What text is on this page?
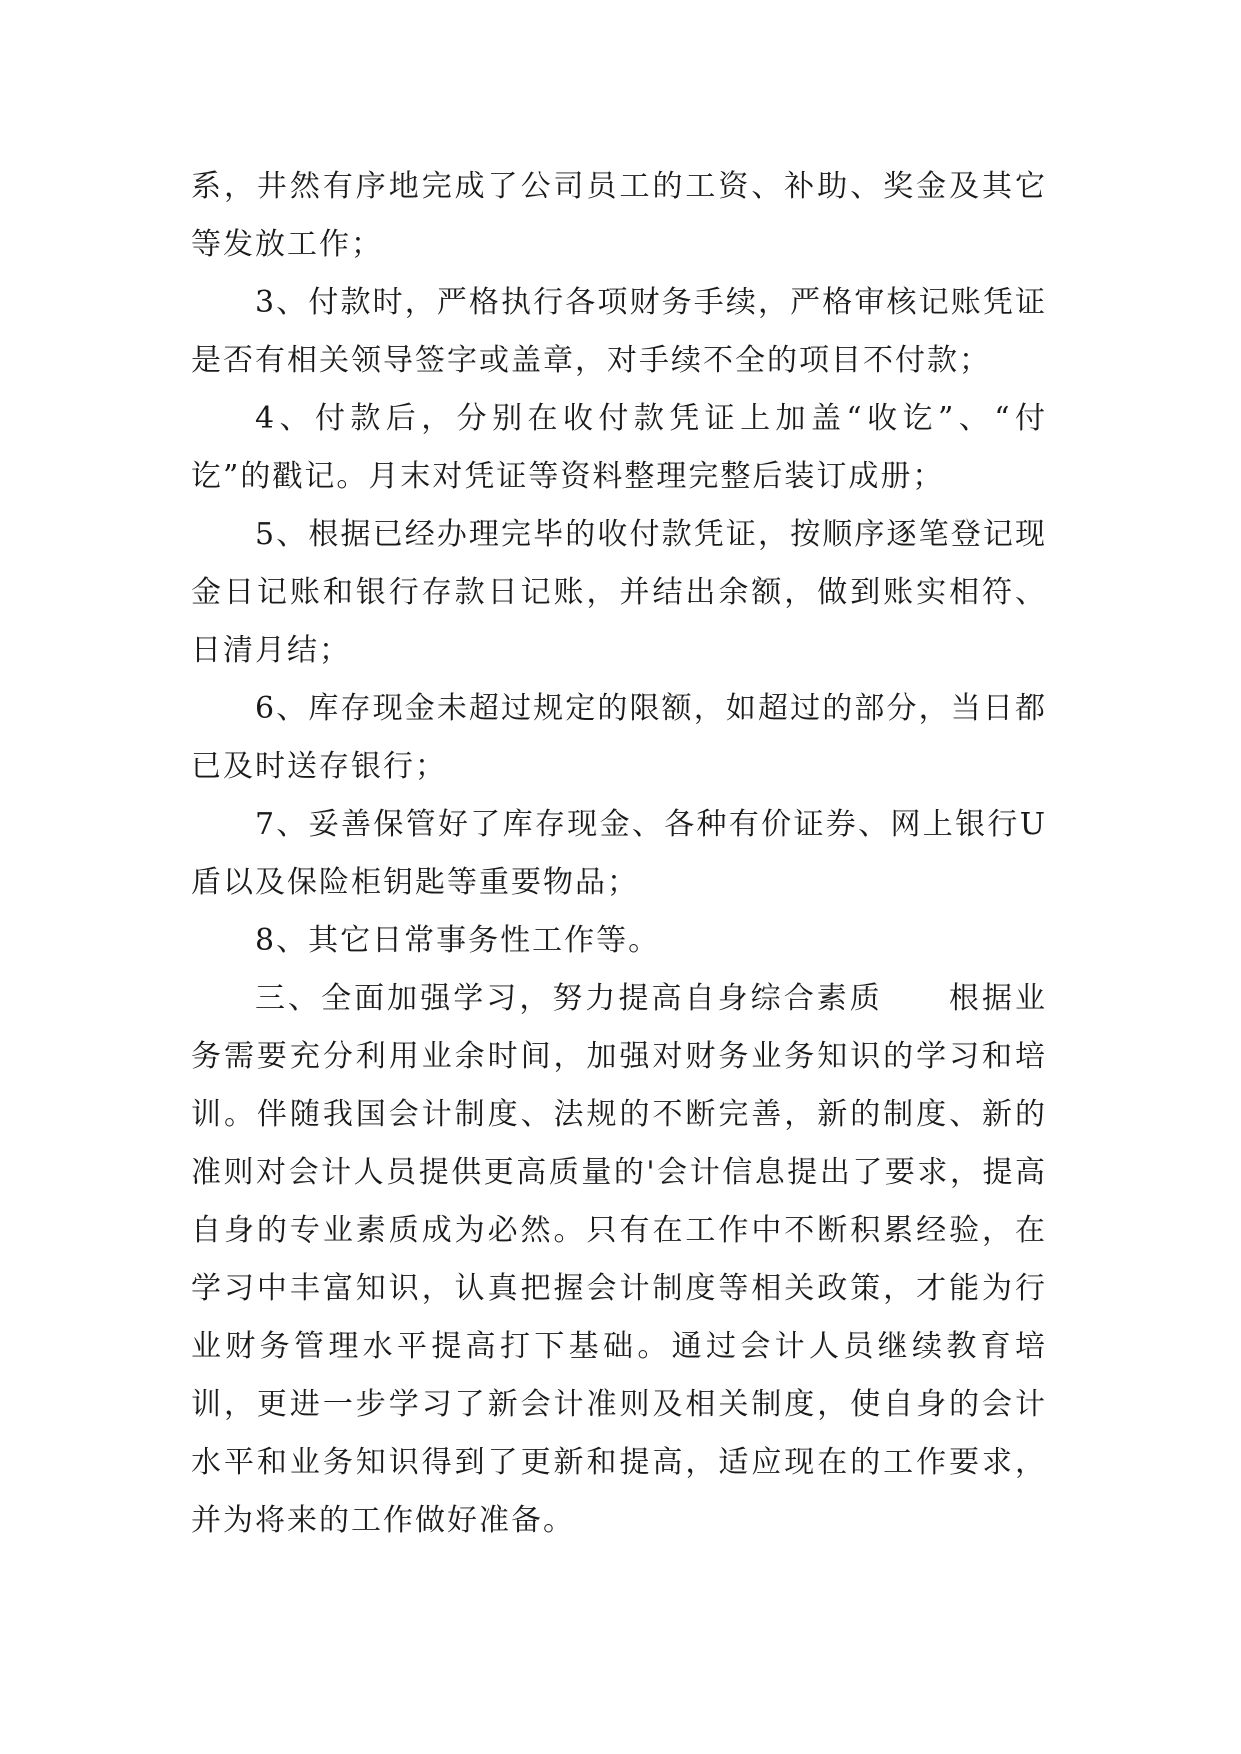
系，井然有序地完成了公司员工的工资、补助、奖金及其它等发放工作；

3、付款时，严格执行各项财务手续，严格审核记账凭证是否有相关领导签字或盖章，对手续不全的项目不付款；

4、付款后，分别在收付款凭证上加盖“收讫”、“付讫”的戳记。月末对凭证等资料整理完整后装订成册；

5、根据已经办理完毕的收付款凭证，按顺序逐笔登记现金日记账和银行存款日记账，并结出余额，做到账实相符、日清月结；

6、库存现金未超过规定的限额，如超过的部分，当日都已及时送存银行；

7、妥善保管好了库存现金、各种有价证券、网上银行U盾以及保险柜钥匙等重要物品；

8、其它日常事务性工作等。

三、全面加强学习，努力提高自身综合素质　　根据业务需要充分利用业余时间，加强对财务业务知识的学习和培训。伴随我国会计制度、法规的不断完善，新的制度、新的准则对会计人员提供更高质量的'会计信息提出了要求，提高自身的专业素质成为必然。只有在工作中不断积累经验，在学习中丰富知识，认真把握会计制度等相关政策，才能为行业财务管理水平提高打下基础。通过会计人员继续教育培训，更进一步学习了新会计准则及相关制度，使自身的会计水平和业务知识得到了更新和提高，适应现在的工作要求，并为将来的工作做好准备。
